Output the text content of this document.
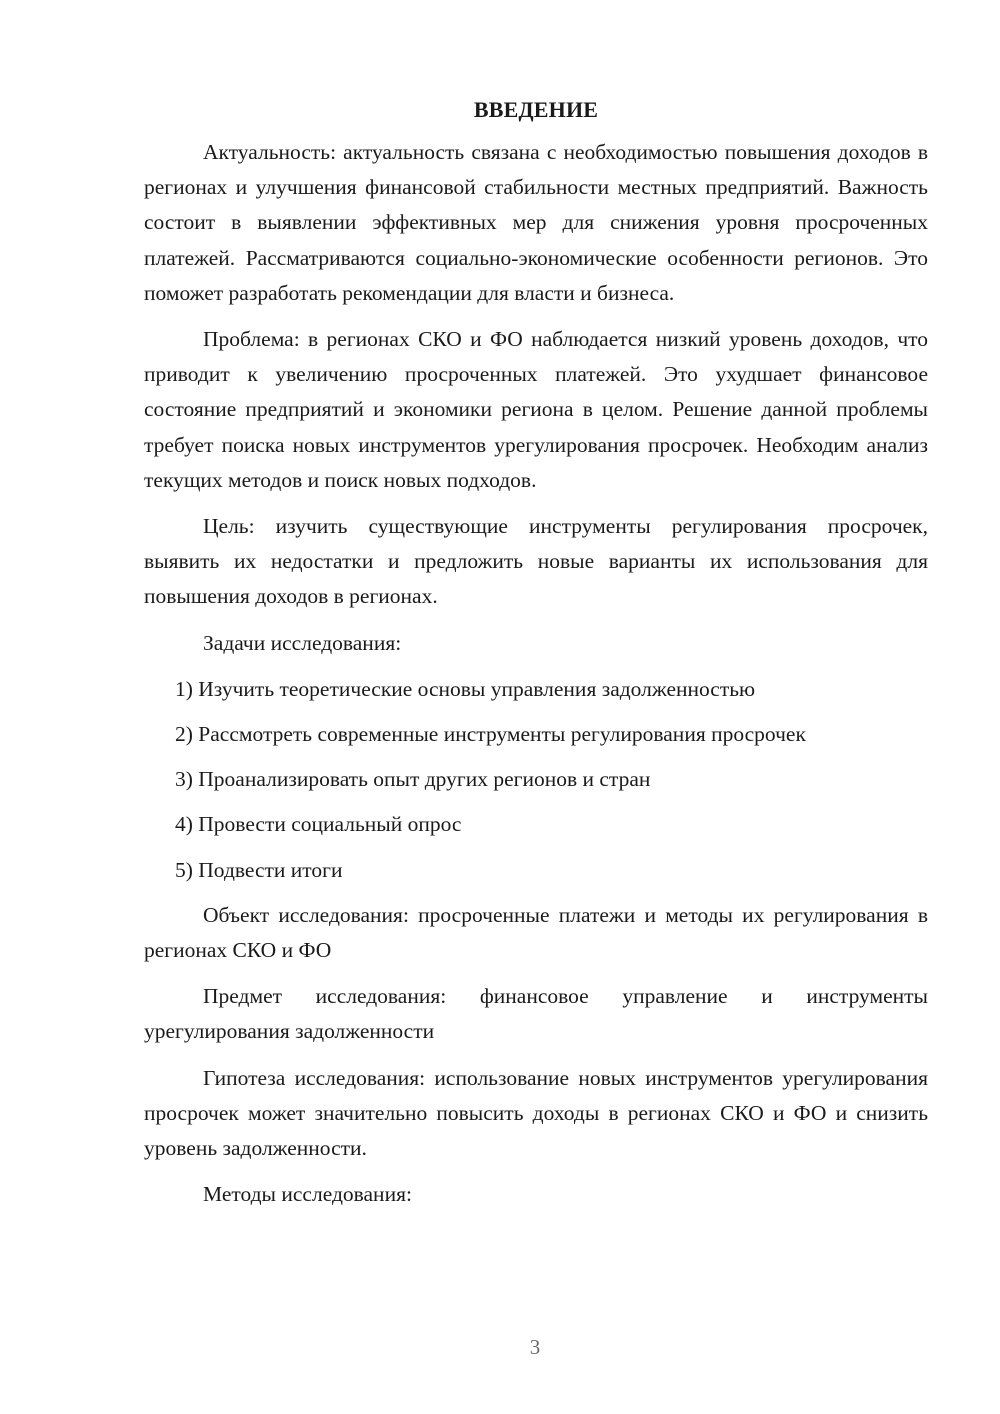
ВВЕДЕНИЕ

Актуальность: актуальность связана с необходимостью повышения доходов в регионах и улучшения финансовой стабильности местных предприятий. Важность состоит в выявлении эффективных мер для снижения уровня просроченных платежей. Рассматриваются социально-экономические особенности регионов. Это поможет разработать рекомендации для власти и бизнеса.

Проблема: в регионах СКО и ФО наблюдается низкий уровень доходов, что приводит к увеличению просроченных платежей. Это ухудшает финансовое состояние предприятий и экономики региона в целом. Решение данной проблемы требует поиска новых инструментов урегулирования просрочек. Необходим анализ текущих методов и поиск новых подходов.

Цель: изучить существующие инструменты регулирования просрочек, выявить их недостатки и предложить новые варианты их использования для повышения доходов в регионах.

Задачи исследования:

1) Изучить теоретические основы управления задолженностью

2) Рассмотреть современные инструменты регулирования просрочек

3) Проанализировать опыт других регионов и стран

4) Провести социальный опрос

5) Подвести итоги

Объект исследования: просроченные платежи и методы их регулирования в регионах СКО и ФО

Предмет исследования: финансовое управление и инструменты урегулирования задолженности

Гипотеза исследования: использование новых инструментов урегулирования просрочек может значительно повысить доходы в регионах СКО и ФО и снизить уровень задолженности.

Методы исследования:

3
